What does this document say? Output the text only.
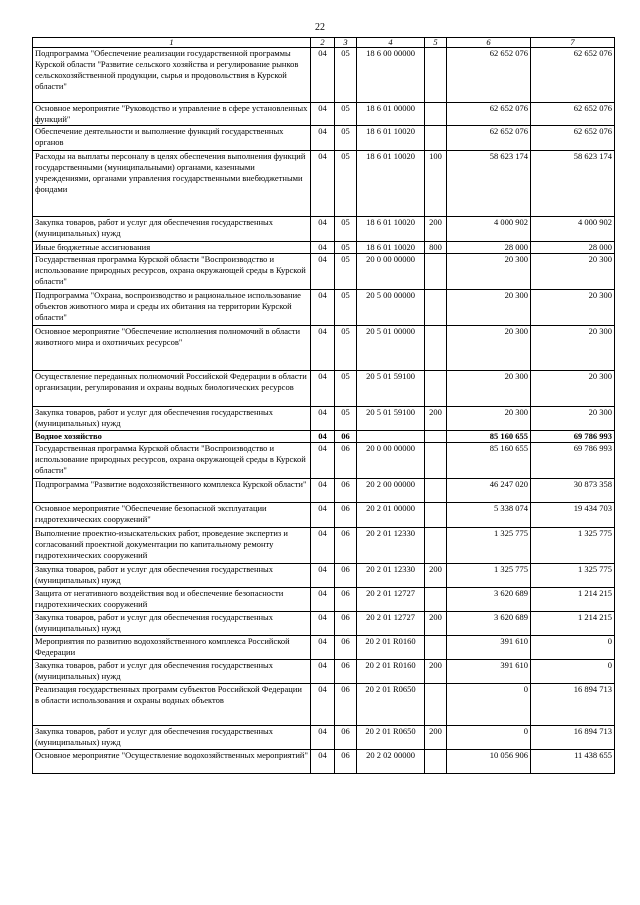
22
1	2	3	4	5	6	7
Подпрограмма "Обеспечение реализации государственной программы Курской области "Развитие сельского хозяйства и регулирование рынков сельскохозяйственной продукции, сырья и продовольствия в Курской области"	04	05	18 6 00 00000		62 652 076	62 652 076
Основное мероприятие "Руководство и управление в сфере установленных функций"	04	05	18 6 01 00000		62 652 076	62 652 076
Обеспечение деятельности и выполнение функций государственных органов	04	05	18 6 01 10020		62 652 076	62 652 076
Расходы на выплаты персоналу в целях обеспечения выполнения функций государственными (муниципальными) органами, казенными учреждениями, органами управления государственными внебюджетными фондами	04	05	18 6 01 10020	100	58 623 174	58 623 174
Закупка товаров, работ и услуг для обеспечения государственных (муниципальных) нужд	04	05	18 6 01 10020	200	4 000 902	4 000 902
Иные бюджетные ассигнования	04	05	18 6 01 10020	800	28 000	28 000
Государственная программа Курской области "Воспроизводство и использование природных ресурсов, охрана окружающей среды в Курской области"	04	05	20 0 00 00000		20 300	20 300
Подпрограмма "Охрана, воспроизводство и рациональное использование объектов животного мира и среды их обитания на территории Курской области"	04	05	20 5 00 00000		20 300	20 300
Основное мероприятие "Обеспечение исполнения полномочий в области животного мира и охотничьих ресурсов"	04	05	20 5 01 00000		20 300	20 300
Осуществление переданных полномочий Российской Федерации в области организации, регулирования и охраны водных биологических ресурсов	04	05	20 5 01 59100		20 300	20 300
Закупка товаров, работ и услуг для обеспечения государственных (муниципальных) нужд	04	05	20 5 01 59100	200	20 300	20 300
Водное хозяйство	04	06			85 160 655	69 786 993
Государственная программа Курской области "Воспроизводство и использование природных ресурсов, охрана окружающей среды в Курской области"	04	06	20 0 00 00000		85 160 655	69 786 993
Подпрограмма "Развитие водохозяйственного комплекса Курской области"	04	06	20 2 00 00000		46 247 020	30 873 358
Основное мероприятие "Обеспечение безопасной эксплуатации гидротехнических сооружений"	04	06	20 2 01 00000		5 338 074	19 434 703
Выполнение проектно-изыскательских работ, проведение экспертиз и согласований проектной документации по капитальному ремонту гидротехнических сооружений	04	06	20 2 01 12330		1 325 775	1 325 775
Закупка товаров, работ и услуг для обеспечения государственных (муниципальных) нужд	04	06	20 2 01 12330	200	1 325 775	1 325 775
Защита от негативного воздействия вод и обеспечение безопасности гидротехнических сооружений	04	06	20 2 01 12727		3 620 689	1 214 215
Закупка товаров, работ и услуг для обеспечения государственных (муниципальных) нужд	04	06	20 2 01 12727	200	3 620 689	1 214 215
Мероприятия по развитию водохозяйственного комплекса Российской Федерации	04	06	20 2 01 R0160		391 610	0
Закупка товаров, работ и услуг для обеспечения государственных (муниципальных) нужд	04	06	20 2 01 R0160	200	391 610	0
Реализация государственных программ субъектов Российской Федерации в области использования и охраны водных объектов	04	06	20 2 01 R0650		0	16 894 713
Закупка товаров, работ и услуг для обеспечения государственных (муниципальных) нужд	04	06	20 2 01 R0650	200	0	16 894 713
Основное мероприятие "Осуществление водохозяйственных мероприятий"	04	06	20 2 02 00000		10 056 906	11 438 655
